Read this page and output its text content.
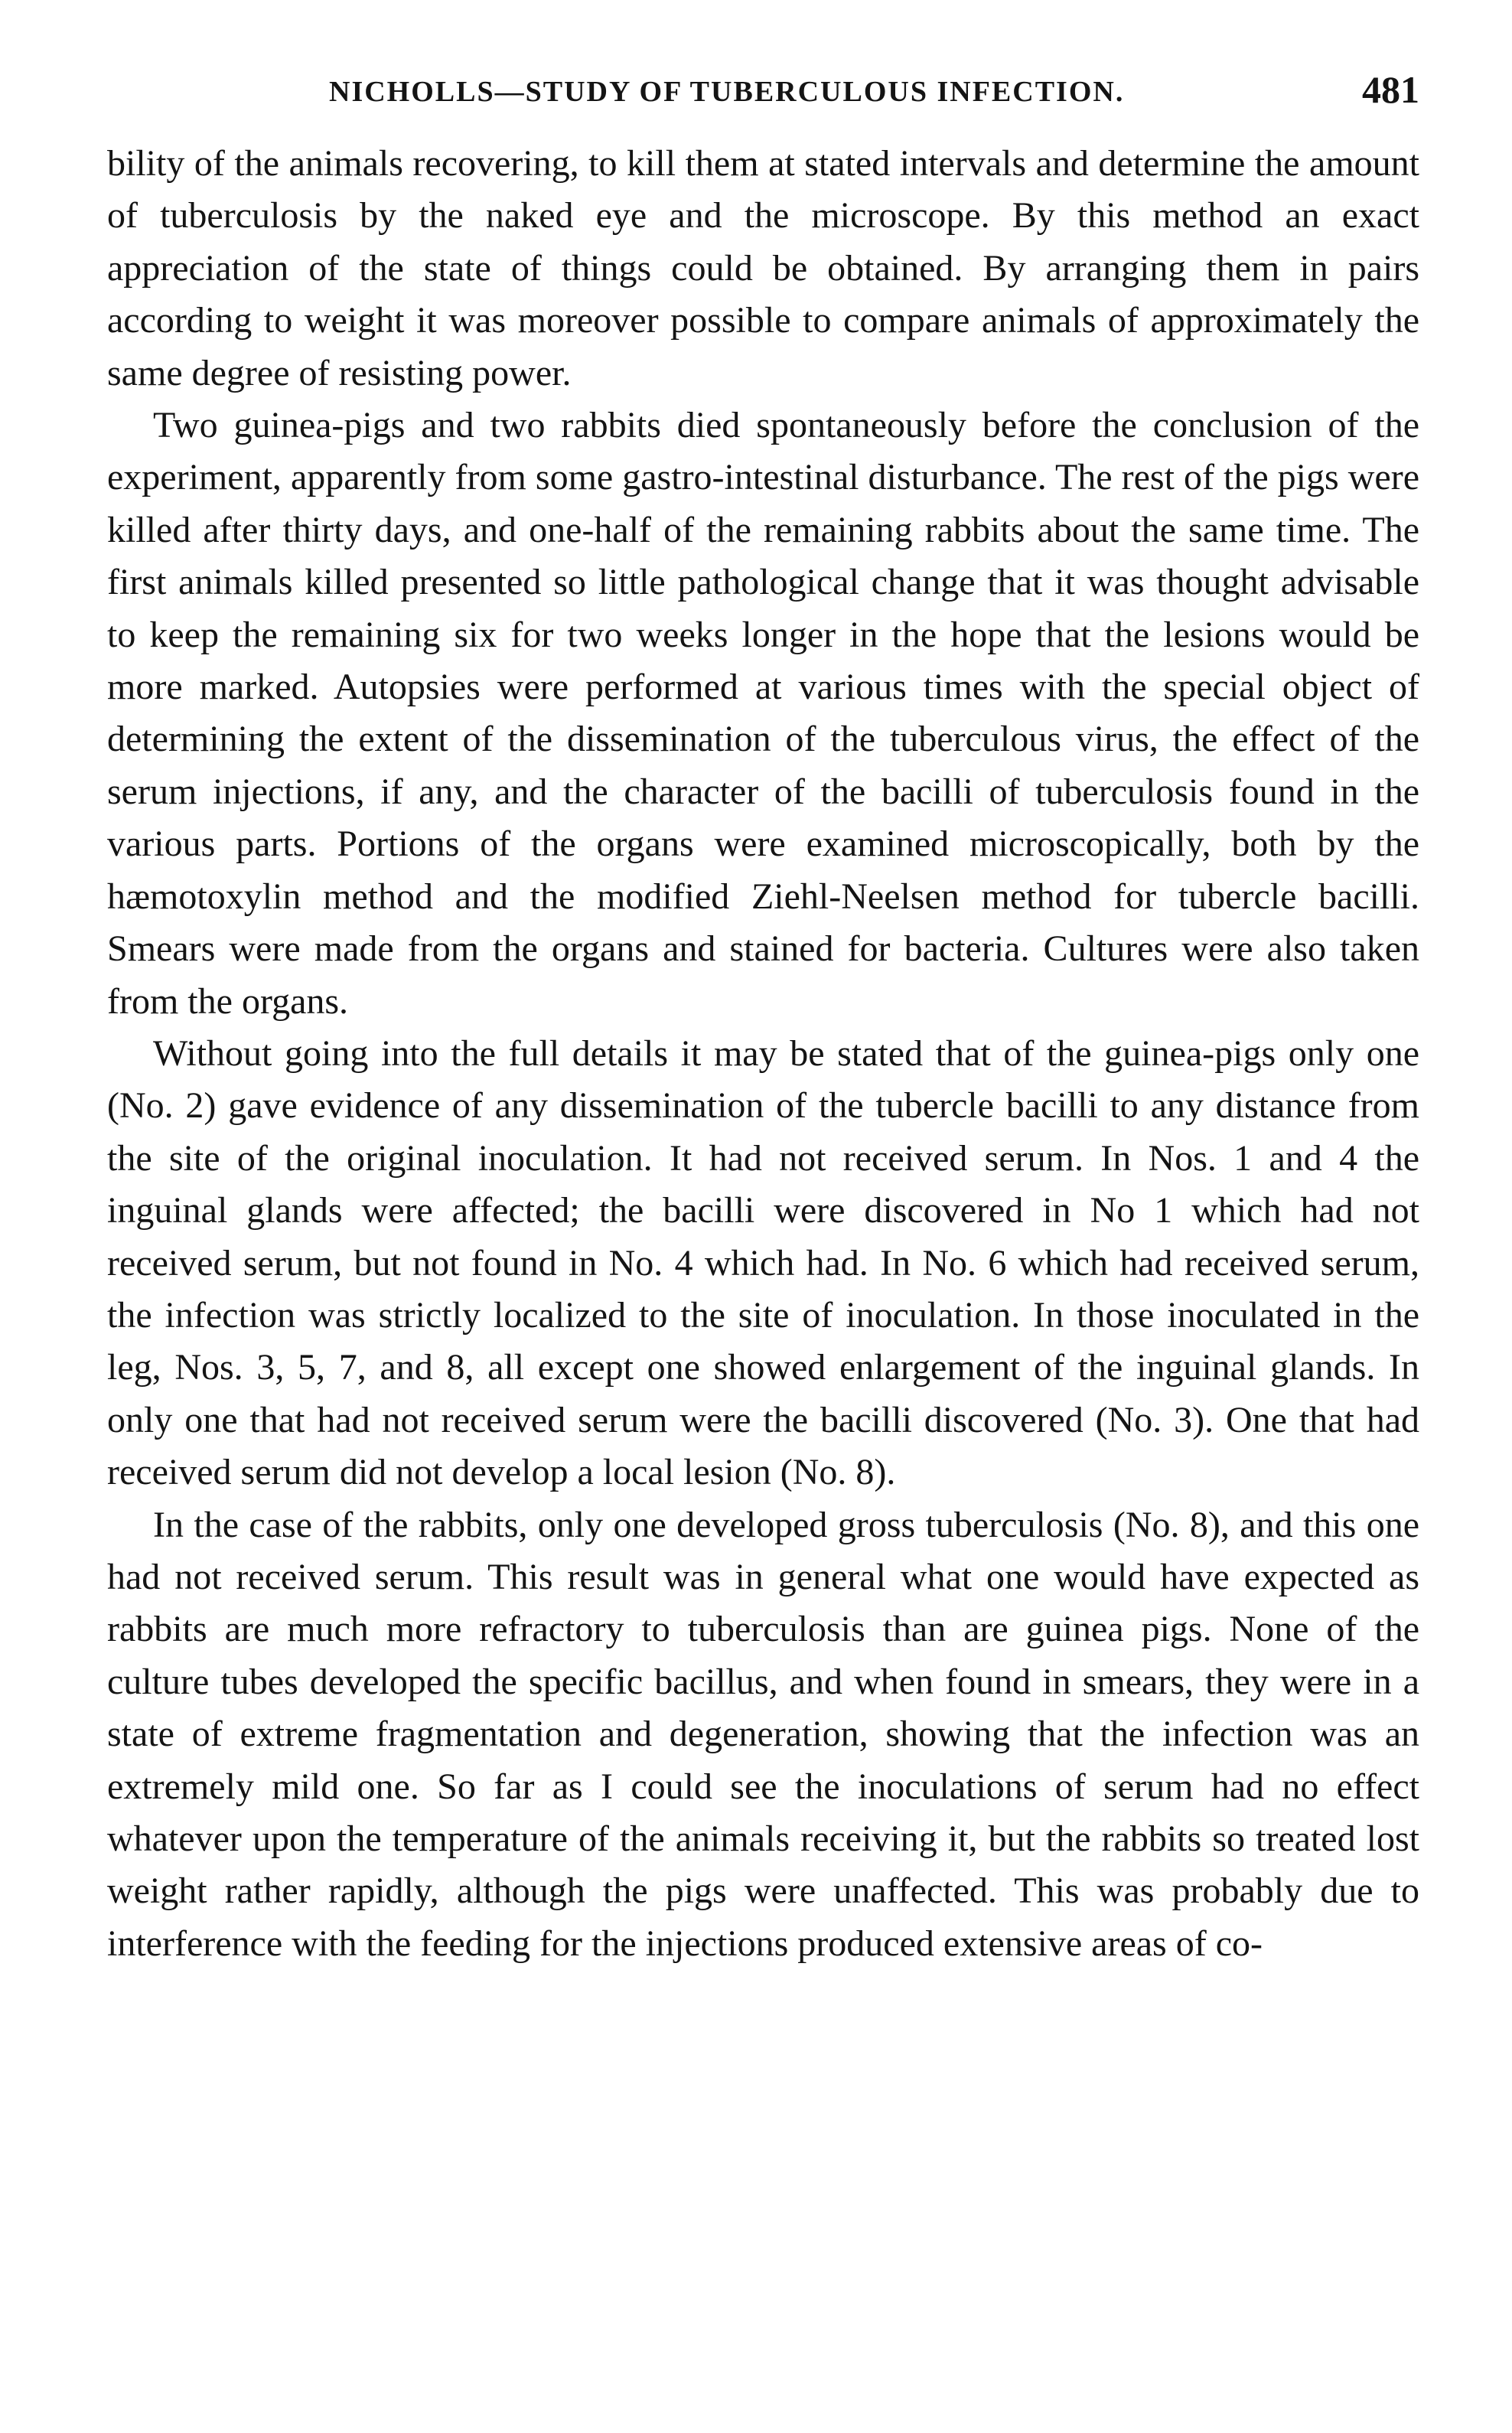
NICHOLLS—STUDY OF TUBERCULOUS INFECTION.	481

bility of the animals recovering, to kill them at stated intervals and determine the amount of tuberculosis by the naked eye and the microscope. By this method an exact appreciation of the state of things could be obtained. By arranging them in pairs according to weight it was moreover possible to compare animals of approximately the same degree of resisting power.

Two guinea-pigs and two rabbits died spontaneously before the conclusion of the experiment, apparently from some gastro-intestinal disturbance. The rest of the pigs were killed after thirty days, and one-half of the remaining rabbits about the same time. The first animals killed presented so little pathological change that it was thought advisable to keep the remaining six for two weeks longer in the hope that the lesions would be more marked. Autopsies were performed at various times with the special object of determining the extent of the dissemination of the tuberculous virus, the effect of the serum injections, if any, and the character of the bacilli of tuberculosis found in the various parts. Portions of the organs were examined microscopically, both by the hæmotoxylin method and the modified Ziehl-Neelsen method for tubercle bacilli. Smears were made from the organs and stained for bacteria. Cultures were also taken from the organs.

Without going into the full details it may be stated that of the guinea-pigs only one (No. 2) gave evidence of any dissemination of the tubercle bacilli to any distance from the site of the original inoculation. It had not received serum. In Nos. 1 and 4 the inguinal glands were affected; the bacilli were discovered in No 1 which had not received serum, but not found in No. 4 which had. In No. 6 which had received serum, the infection was strictly localized to the site of inoculation. In those inoculated in the leg, Nos. 3, 5, 7, and 8, all except one showed enlargement of the inguinal glands. In only one that had not received serum were the bacilli discovered (No. 3). One that had received serum did not develop a local lesion (No. 8).

In the case of the rabbits, only one developed gross tuberculosis (No. 8), and this one had not received serum. This result was in general what one would have expected as rabbits are much more refractory to tuberculosis than are guinea pigs. None of the culture tubes developed the specific bacillus, and when found in smears, they were in a state of extreme fragmentation and degeneration, showing that the infection was an extremely mild one. So far as I could see the inoculations of serum had no effect whatever upon the temperature of the animals receiving it, but the rabbits so treated lost weight rather rapidly, although the pigs were unaffected. This was probably due to interference with the feeding for the injections produced extensive areas of co-
